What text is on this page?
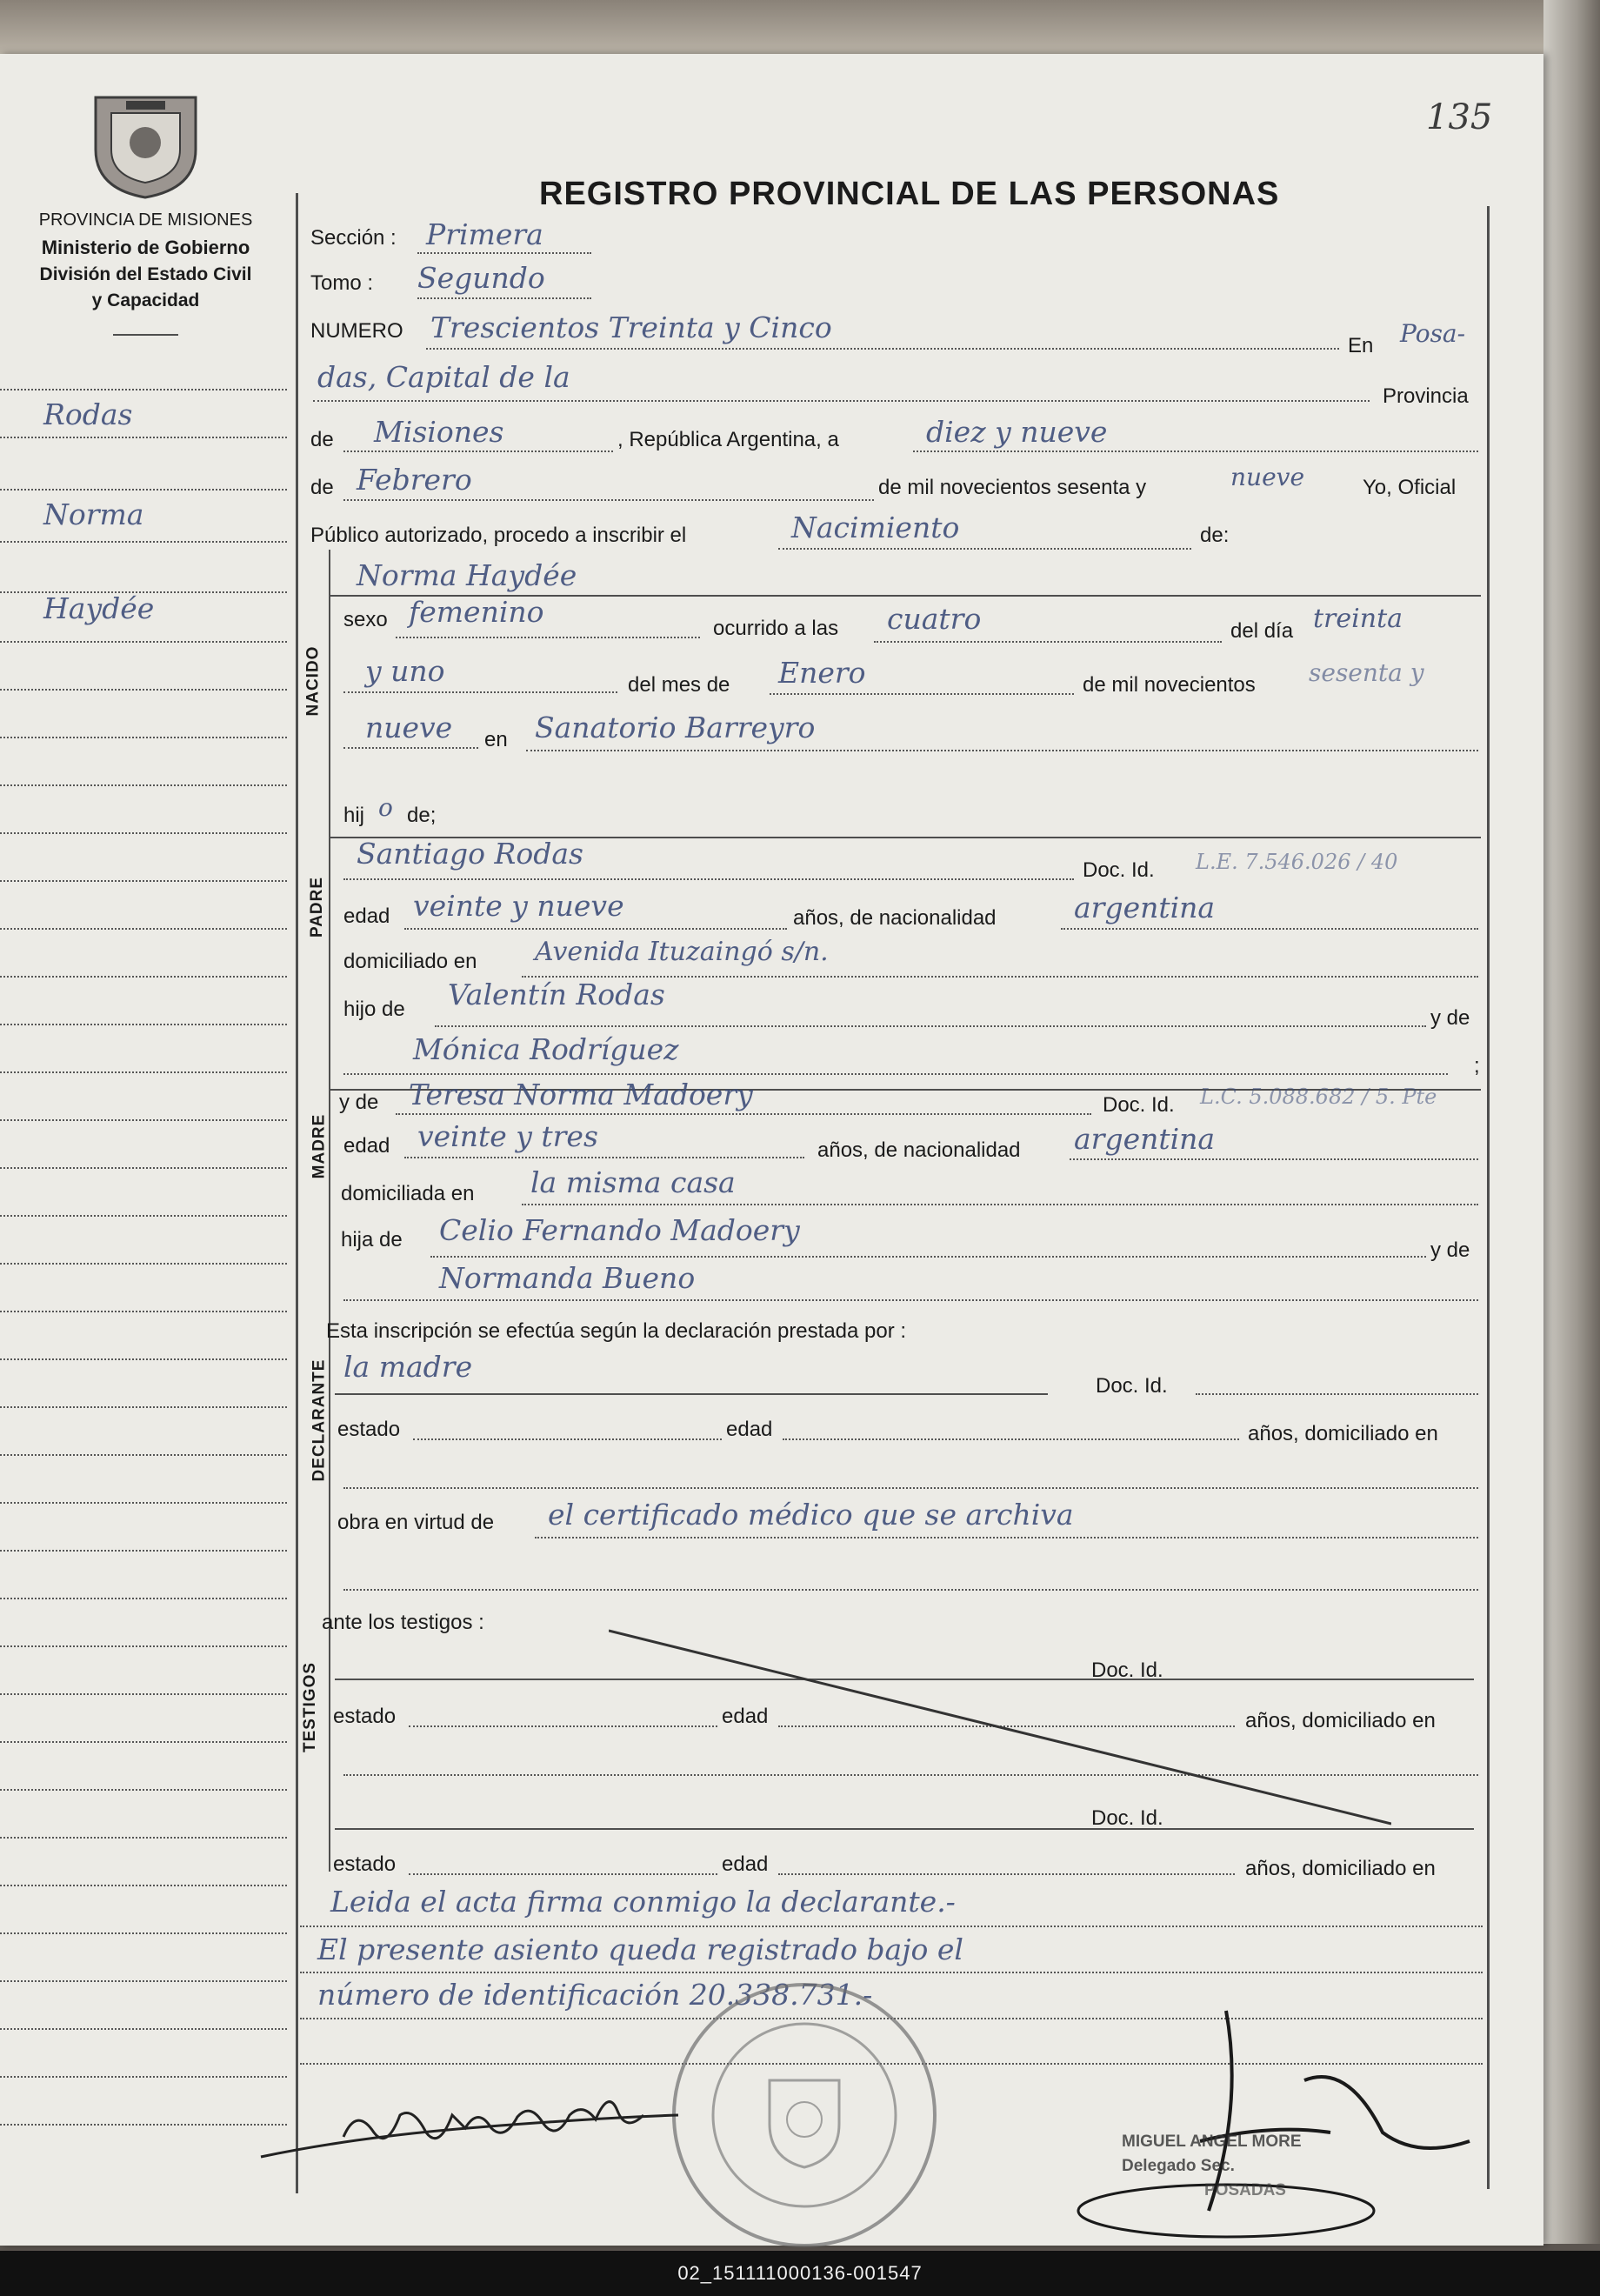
PROVINCIA DE MISIONES
Ministerio de Gobierno
División del Estado Civil
y Capacidad
REGISTRO PROVINCIAL DE LAS PERSONAS
135
Rodas
Norma
Haydée
NACIDO
PADRE
MADRE
DECLARANTE
TESTIGOS
Sección : Primera
Tomo : Segundo
NUMERO Trescientos Treinta y Cinco
En Posa-
das, Capital de la
Provincia
de Misiones	, República Argentina, a	diez y nueve
de Febrero	de mil novecientos sesenta y	nueve	Yo, Oficial
Público autorizado, procedo a inscribir el	Nacimiento	de:
Norma Haydée
sexo femenino	ocurrido a las cuatro	del día treinta
y uno	del mes de Enero	de mil novecientos sesenta y
nueve en Sanatorio Barreyro
hij o de;
Santiago Rodas	Doc. Id. L.E. 7.546.026 / 40
edad veinte y nueve	años, de nacionalidad	argentina
domiciliado en Avenida Ituzaingó s/n.
hijo de Valentín Rodas
y de
Mónica Rodríguez	;
y de Teresa Norma Madoery	Doc. Id. L.C. 5.088.682 / 5. Pte
edad veinte y tres	años, de nacionalidad argentina
domiciliada en la misma casa
hija de Celio Fernando Madoery
y de
Normanda Bueno
Esta inscripción se efectúa según la declaración prestada por :
la madre
Doc. Id.
estado	edad	años, domiciliado en
obra en virtud de el certificado médico que se archiva
ante los testigos :
Doc. Id.
estado	edad	años, domiciliado en
Doc. Id.
estado	edad	años, domiciliado en
Leida el acta firma conmigo la declarante.-
El presente asiento queda registrado bajo el
número de identificación 20.338.731.-
MIGUEL ANGEL MORE
Delegado Sec.
POSADAS
02_151111000136-001547
